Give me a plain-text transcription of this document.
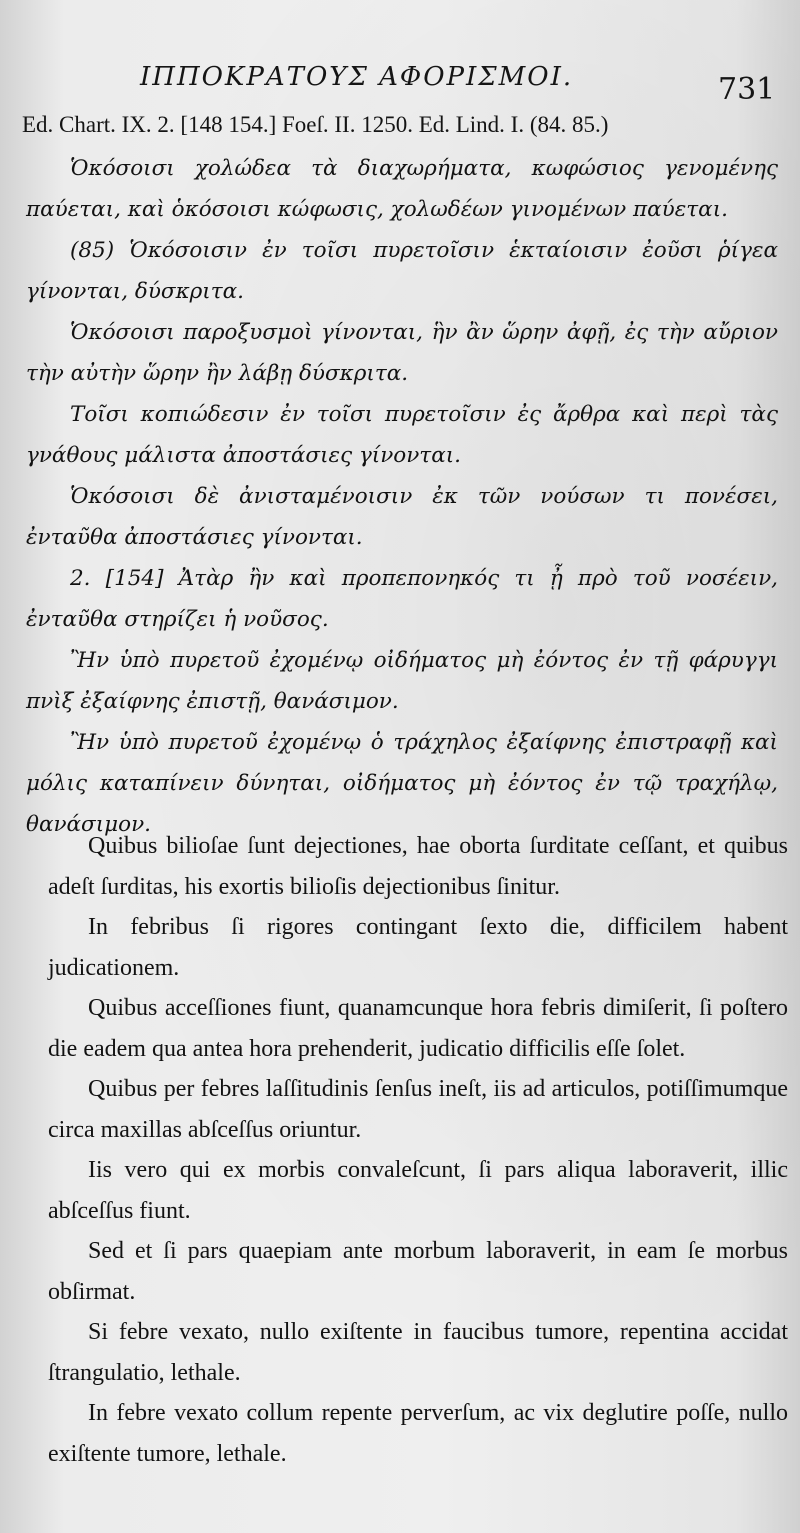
ΙΠΠΟΚΡΑΤΟΥΣ ΑΦΟΡΙΣΜΟΙ.	731
Ed. Chart. IX. 2. [148 154.] Foeſ. II. 1250. Ed. Lind. I. (84. 85.)

Ὁκόσοισι χολώδεα τὰ διαχωρήματα, κωφώσιος γενομένης παύεται, καὶ ὁκόσοισι κώφωσις, χολωδέων γινομένων παύεται.

(85) Ὁκόσοισιν ἐν τοῖσι πυρετοῖσιν ἑκταίοισιν ἐοῦσι ῥίγεα γίνονται, δύσκριτα.

Ὁκόσοισι παροξυσμοὶ γίνονται, ἣν ἂν ὥρην ἀφῇ, ἐς τὴν αὔριον τὴν αὐτὴν ὥρην ἢν λάβῃ δύσκριτα.

Τοῖσι κοπιώδεσιν ἐν τοῖσι πυρετοῖσιν ἐς ἄρθρα καὶ περὶ τὰς γνάθους μάλιστα ἀποστάσιες γίνονται.

Ὁκόσοισι δὲ ἀνισταμένοισιν ἐκ τῶν νούσων τι πονέσει, ἐνταῦθα ἀποστάσιες γίνονται.

2. [154] Ἀτὰρ ἢν καὶ προπεπονηκός τι ᾖ πρὸ τοῦ νοσέειν, ἐνταῦθα στηρίζει ἡ νοῦσος.

Ἢν ὑπὸ πυρετοῦ ἐχομένῳ οἰδήματος μὴ ἐόντος ἐν τῇ φάρυγγι πνὶξ ἐξαίφνης ἐπιστῇ, θανάσιμον.

Ἢν ὑπὸ πυρετοῦ ἐχομένῳ ὁ τράχηλος ἐξαίφνης ἐπιστραφῇ καὶ μόλις καταπίνειν δύνηται, οἰδήματος μὴ ἐόντος ἐν τῷ τραχήλῳ, θανάσιμον.

Quibus bilioſae ſunt dejectiones, hae oborta ſurditate ceſſant, et quibus adeſt ſurditas, his exortis bilioſis dejectionibus ſinitur.

In febribus ſi rigores contingant ſexto die, difficilem habent judicationem.

Quibus acceſſiones fiunt, quanamcunque hora febris dimiſerit, ſi poſtero die eadem qua antea hora prehenderit, judicatio difficilis eſſe ſolet.

Quibus per febres laſſitudinis ſenſus ineſt, iis ad articulos, potiſſimumque circa maxillas abſceſſus oriuntur.

Iis vero qui ex morbis convaleſcunt, ſi pars aliqua laboraverit, illic abſceſſus fiunt.

Sed et ſi pars quaepiam ante morbum laboraverit, in eam ſe morbus obſirmat.

Si febre vexato, nullo exiſtente in faucibus tumore, repentina accidat ſtrangulatio, lethale.

In febre vexato collum repente perverſum, ac vix deglutire poſſe, nullo exiſtente tumore, lethale.
